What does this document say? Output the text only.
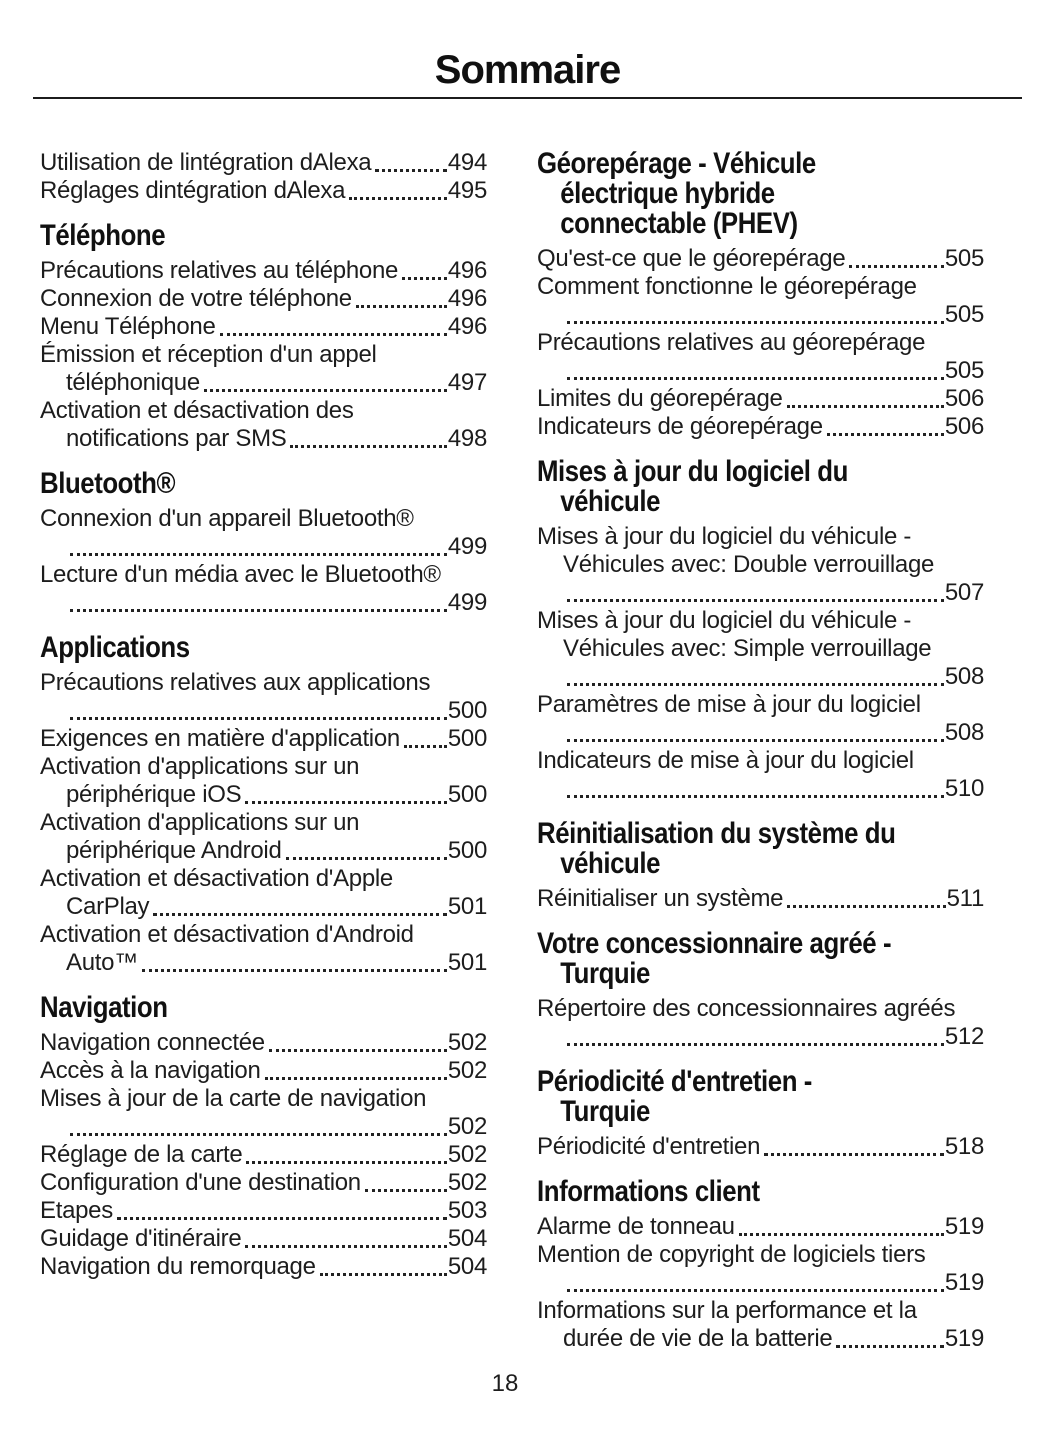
Sommaire
Utilisation de lintégration dAlexa	494
Réglages dintégration dAlexa	495
Téléphone
Précautions relatives au téléphone 496
Connexion de votre téléphone	496
Menu Téléphone	496
Émission et réception d'un appel
téléphonique	497
Activation et désactivation des
notifications par SMS	498
Bluetooth®
Connexion d'un appareil Bluetooth®
499
Lecture d'un média avec le Bluetooth®
499
Applications
Précautions relatives aux applications
500
Exigences en matière d'application 500
Activation d'applications sur un
périphérique iOS	500
Activation d'applications sur un
périphérique Android	500
Activation et désactivation d'Apple
CarPlay	501
Activation et désactivation d'Android
Auto™	501
Navigation
Navigation connectée	502
Accès à la navigation	502
Mises à jour de la carte de navigation
502
Réglage de la carte	502
Configuration d'une destination	502
Etapes	503
Guidage d'itinéraire	504
Navigation du remorquage	504
Géorepérage - Véhicule
électrique hybride
connectable (PHEV)
Qu'est-ce que le géorepérage	505
Comment fonctionne le géorepérage
505
Précautions relatives au géorepérage
505
Limites du géorepérage	506
Indicateurs de géorepérage	506
Mises à jour du logiciel du
véhicule
Mises à jour du logiciel du véhicule -
Véhicules avec: Double verrouillage
507
Mises à jour du logiciel du véhicule -
Véhicules avec: Simple verrouillage
508
Paramètres de mise à jour du logiciel
508
Indicateurs de mise à jour du logiciel
510
Réinitialisation du système du
véhicule
Réinitialiser un système	511
Votre concessionnaire agréé -
Turquie
Répertoire des concessionnaires agréés
512
Périodicité d'entretien -
Turquie
Périodicité d'entretien	518
Informations client
Alarme de tonneau	519
Mention de copyright de logiciels tiers
519
Informations sur la performance et la
durée de vie de la batterie	519
18
